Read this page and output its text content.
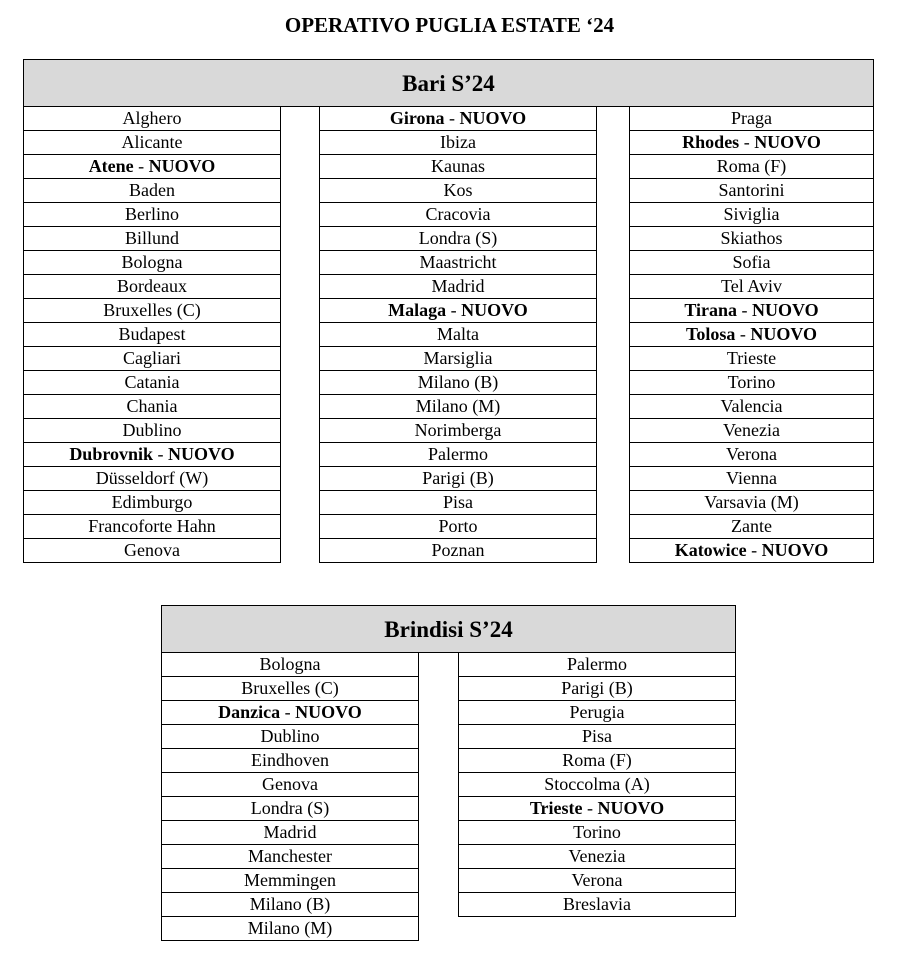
OPERATIVO PUGLIA ESTATE ‘24
Bari S’24
Alghero
Alicante
Atene - NUOVO
Baden
Berlino
Billund
Bologna
Bordeaux
Bruxelles (C)
Budapest
Cagliari
Catania
Chania
Dublino
Dubrovnik - NUOVO
Düsseldorf (W)
Edimburgo
Francoforte Hahn
Genova
Girona - NUOVO
Ibiza
Kaunas
Kos
Cracovia
Londra (S)
Maastricht
Madrid
Malaga - NUOVO
Malta
Marsiglia
Milano (B)
Milano (M)
Norimberga
Palermo
Parigi (B)
Pisa
Porto
Poznan
Praga
Rhodes - NUOVO
Roma (F)
Santorini
Siviglia
Skiathos
Sofia
Tel Aviv
Tirana - NUOVO
Tolosa - NUOVO
Trieste
Torino
Valencia
Venezia
Verona
Vienna
Varsavia (M)
Zante
Katowice - NUOVO
Brindisi S’24
Bologna
Bruxelles (C)
Danzica - NUOVO
Dublino
Eindhoven
Genova
Londra (S)
Madrid
Manchester
Memmingen
Milano (B)
Milano (M)
Palermo
Parigi (B)
Perugia
Pisa
Roma (F)
Stoccolma (A)
Trieste - NUOVO
Torino
Venezia
Verona
Breslavia
